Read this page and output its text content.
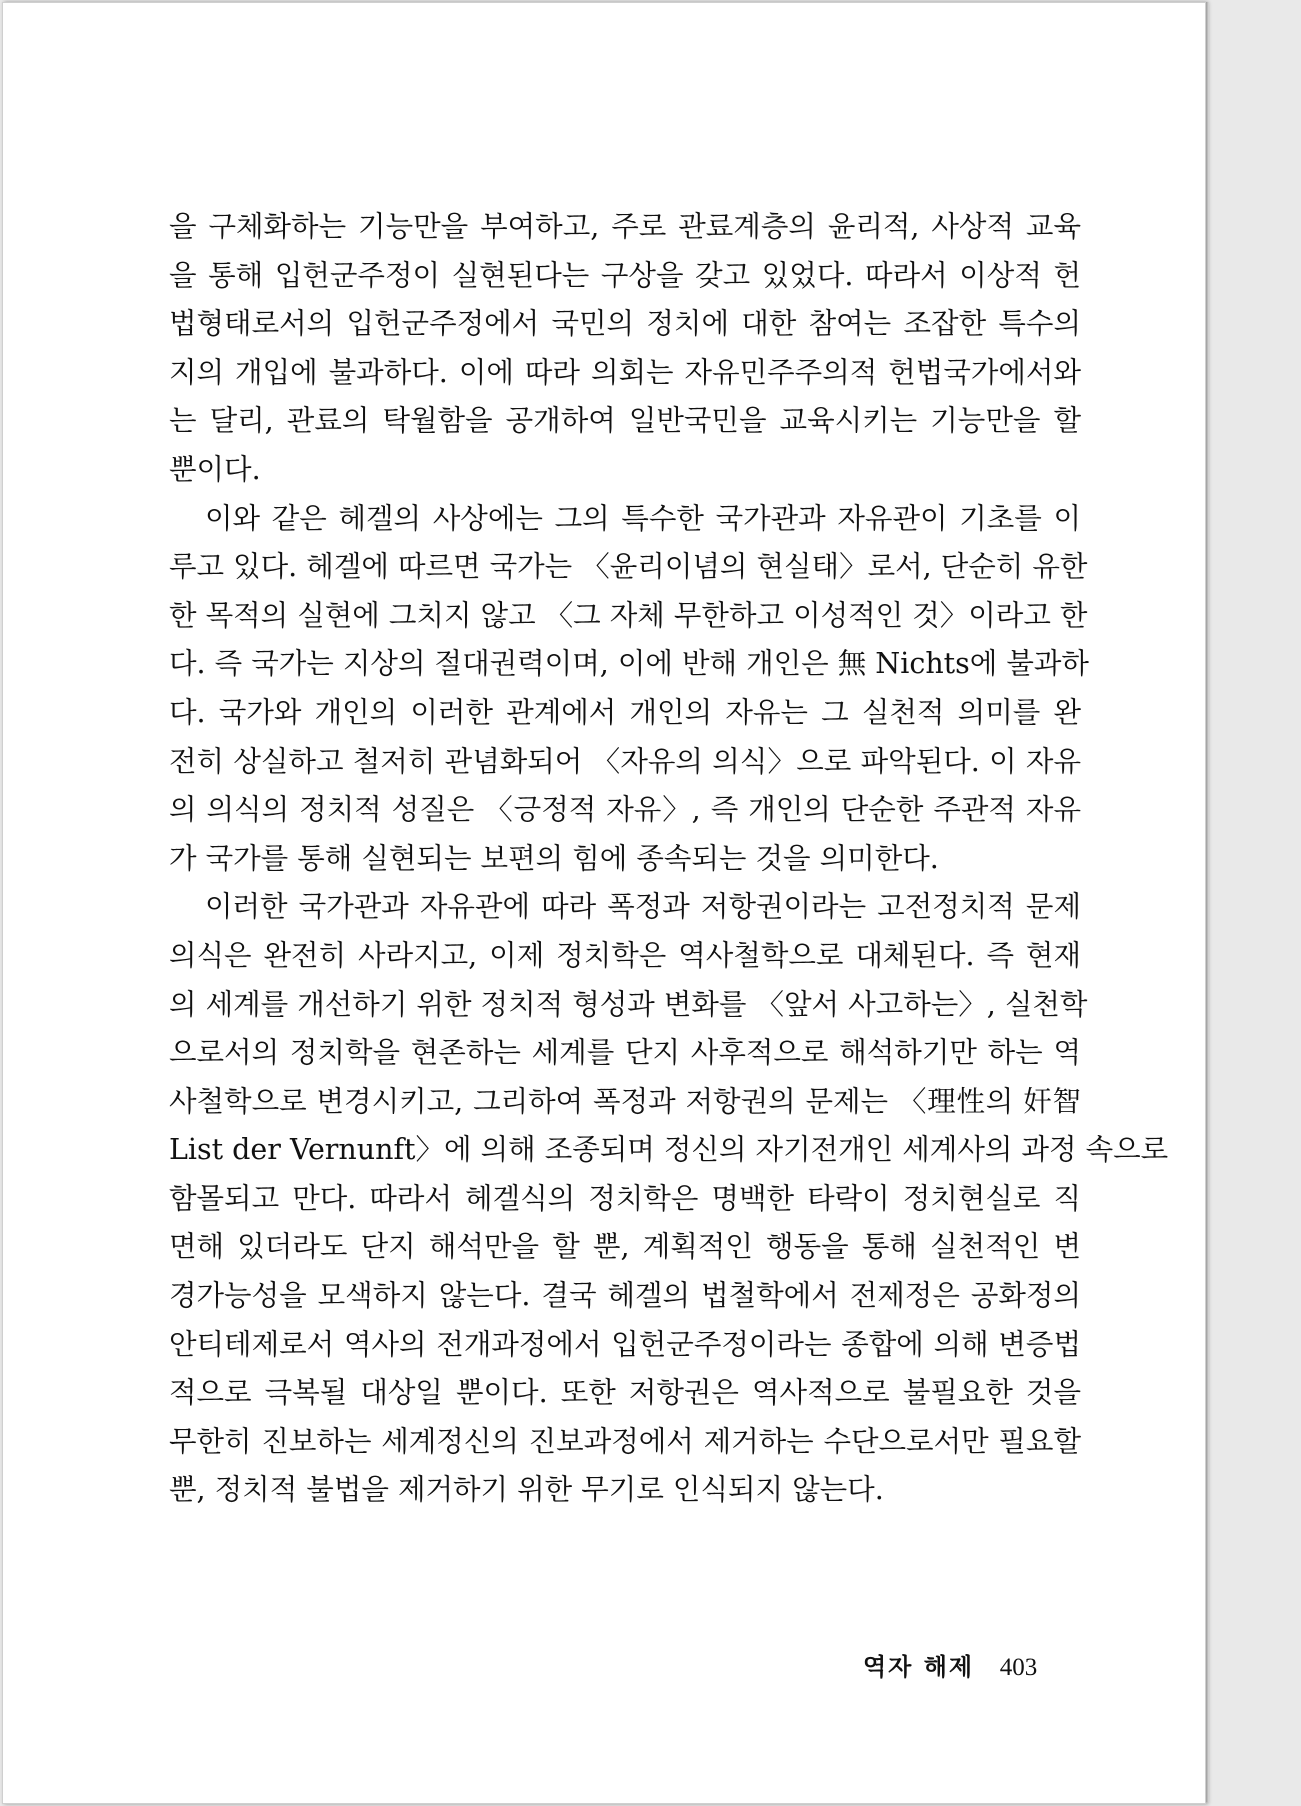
을 구체화하는 기능만을 부여하고, 주로 관료계층의 윤리적, 사상적 교육
을 통해 입헌군주정이 실현된다는 구상을 갖고 있었다. 따라서 이상적 헌
법형태로서의 입헌군주정에서 국민의 정치에 대한 참여는 조잡한 특수의
지의 개입에 불과하다. 이에 따라 의회는 자유민주주의적 헌법국가에서와
는 달리, 관료의 탁월함을 공개하여 일반국민을 교육시키는 기능만을 할
뿐이다.
이와 같은 헤겔의 사상에는 그의 특수한 국가관과 자유관이 기초를 이
루고 있다. 헤겔에 따르면 국가는 〈윤리이념의 현실태〉로서, 단순히 유한
한 목적의 실현에 그치지 않고 〈그 자체 무한하고 이성적인 것〉이라고 한
다. 즉 국가는 지상의 절대권력이며, 이에 반해 개인은 無 Nichts에 불과하
다. 국가와 개인의 이러한 관계에서 개인의 자유는 그 실천적 의미를 완
전히 상실하고 철저히 관념화되어 〈자유의 의식〉으로 파악된다. 이 자유
의 의식의 정치적 성질은 〈긍정적 자유〉, 즉 개인의 단순한 주관적 자유
가 국가를 통해 실현되는 보편의 힘에 종속되는 것을 의미한다.
이러한 국가관과 자유관에 따라 폭정과 저항권이라는 고전정치적 문제
의식은 완전히 사라지고, 이제 정치학은 역사철학으로 대체된다. 즉 현재
의 세계를 개선하기 위한 정치적 형성과 변화를 〈앞서 사고하는〉, 실천학
으로서의 정치학을 현존하는 세계를 단지 사후적으로 해석하기만 하는 역
사철학으로 변경시키고, 그리하여 폭정과 저항권의 문제는 〈理性의 奸智
List der Vernunft〉에 의해 조종되며 정신의 자기전개인 세계사의 과정 속으로
함몰되고 만다. 따라서 헤겔식의 정치학은 명백한 타락이 정치현실로 직
면해 있더라도 단지 해석만을 할 뿐, 계획적인 행동을 통해 실천적인 변
경가능성을 모색하지 않는다. 결국 헤겔의 법철학에서 전제정은 공화정의
안티테제로서 역사의 전개과정에서 입헌군주정이라는 종합에 의해 변증법
적으로 극복될 대상일 뿐이다. 또한 저항권은 역사적으로 불필요한 것을
무한히 진보하는 세계정신의 진보과정에서 제거하는 수단으로서만 필요할
뿐, 정치적 불법을 제거하기 위한 무기로 인식되지 않는다.
역자 해제 403
